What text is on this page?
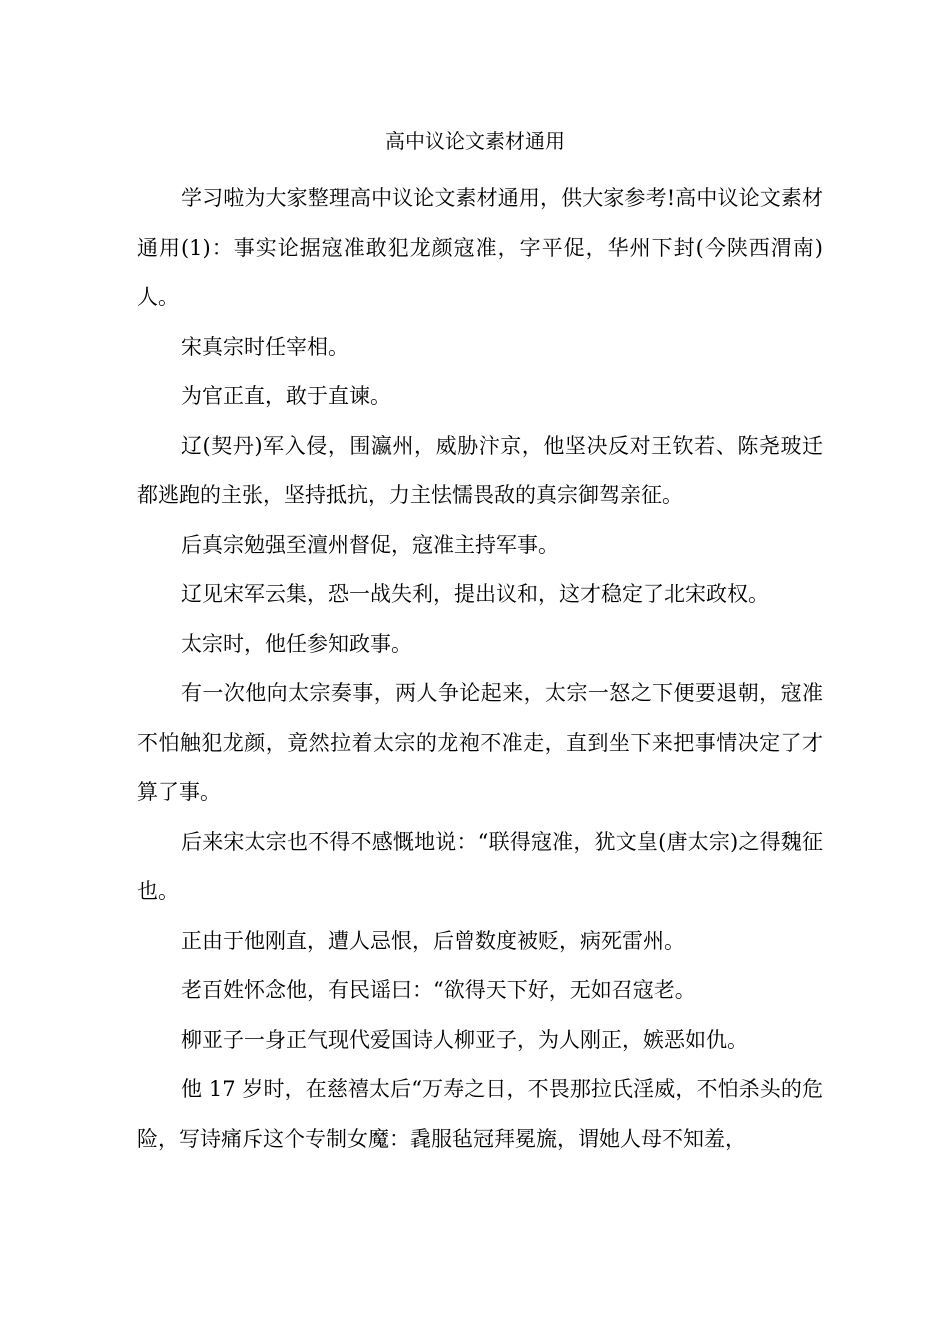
高中议论文素材通用

学习啦为大家整理高中议论文素材通用，供大家参考!高中议论文素材通用(1)：事实论据寇准敢犯龙颜寇准，字平促，华州下封(今陕西渭南)人。

宋真宗时任宰相。

为官正直，敢于直谏。

辽(契丹)军入侵，围瀛州，威胁汴京，他坚决反对王钦若、陈尧玻迁都逃跑的主张，坚持抵抗，力主怯懦畏敌的真宗御驾亲征。

后真宗勉强至澶州督促，寇准主持军事。

辽见宋军云集，恐一战失利，提出议和，这才稳定了北宋政权。

太宗时，他任参知政事。

有一次他向太宗奏事，两人争论起来，太宗一怒之下便要退朝，寇准不怕触犯龙颜，竟然拉着太宗的龙袍不准走，直到坐下来把事情决定了才算了事。

后来宋太宗也不得不感慨地说：“联得寇准，犹文皇(唐太宗)之得魏征也。

正由于他刚直，遭人忌恨，后曾数度被贬，病死雷州。

老百姓怀念他，有民谣曰：“欲得天下好，无如召寇老。

柳亚子一身正气现代爱国诗人柳亚子，为人刚正，嫉恶如仇。

他 17 岁时，在慈禧太后“万寿之日，不畏那拉氏淫威，不怕杀头的危险，写诗痛斥这个专制女魔：毳服毡冠拜冕旒，谓她人母不知羞，
